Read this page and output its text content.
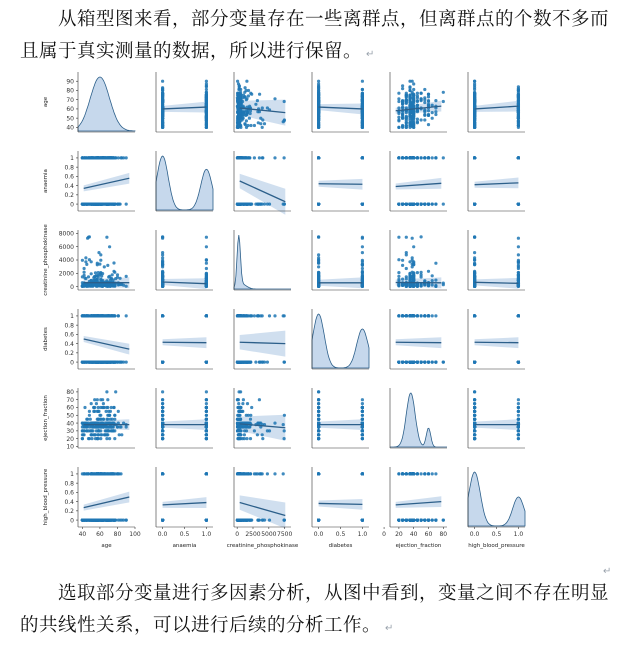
从箱型图来看，部分变量存在一些离群点，但离群点的个数不多而且属于真实测量的数据，所以进行保留。 ↵
40
50
60
70
80
90
0
0.2
0.4
0.6
0.8
1
0
2000
4000
6000
8000
0
0.2
0.4
0.6
0.8
1
10
20
30
40
50
60
70
80
0
0.2
0.4
0.6
0.8
1
40 60 80 100	0.0 0.5 1.0	0 2500 5000 7500	0.0 0.5 1.0 0 20 40 60 80	0.0 0.5 1.0
age
age
anaemia
anaemia
creatinine_phosphokinase
creatinine_phosphokinase
diabetes
diabetes
ejection_fraction
ejection_fraction
high_blood_pressure
high_blood_pressure
↵
选取部分变量进行多因素分析，从图中看到，变量之间不存在明显的共线性关系，可以进行后续的分析工作。 ↵
